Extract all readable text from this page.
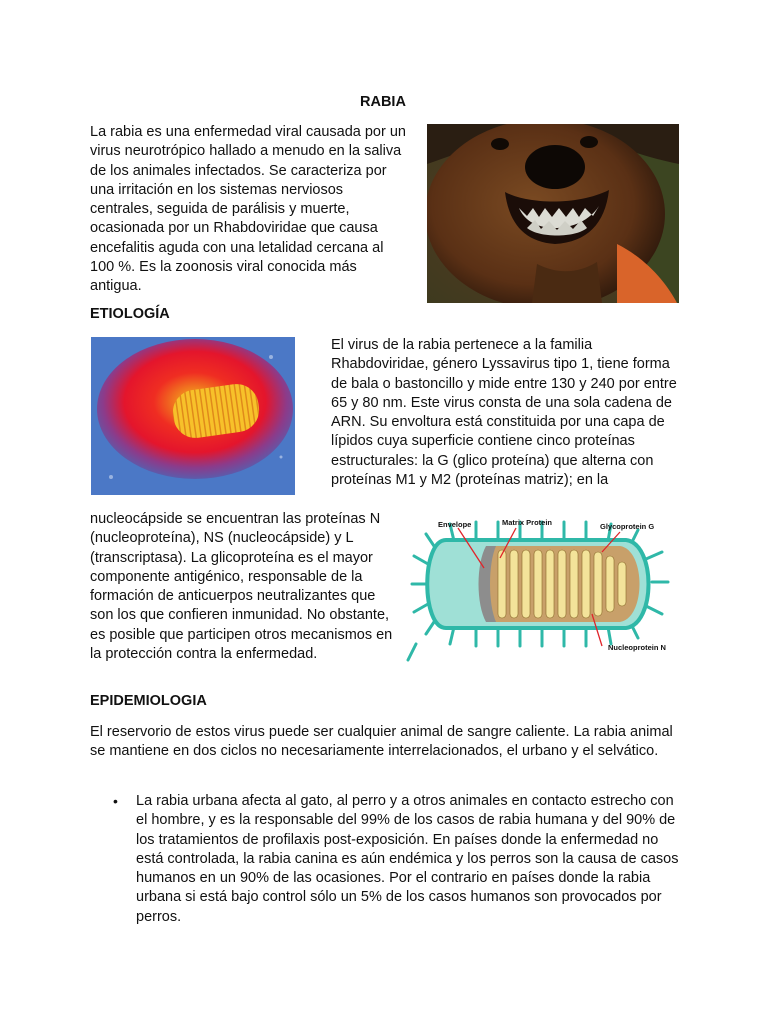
RABIA

La rabia es una enfermedad viral causada por un virus neurotrópico hallado a menudo en la saliva de los animales infectados. Se caracteriza por una irritación en los sistemas nerviosos centrales, seguida de parálisis y muerte, ocasionada por un Rhabdoviridae que causa encefalitis aguda con una letalidad cercana al 100 %. Es la zoonosis viral conocida más antigua.

ETIOLOGÍA

El virus de la rabia pertenece a la familia Rhabdoviridae, género Lyssavirus tipo 1, tiene forma de bala o bastoncillo y mide entre 130 y 240 por entre 65 y 80 nm. Este virus consta de una sola cadena de ARN. Su envoltura está constituida por una capa de lípidos cuya superficie contiene cinco proteínas estructurales: la G (glico proteína) que alterna con proteínas M1 y M2 (proteínas matriz); en la

nucleocápside se encuentran las proteínas N (nucleoproteína), NS (nucleocápside) y L (transcriptasa). La glicoproteína es el mayor componente antigénico, responsable de la formación de anticuerpos neutralizantes que son los que confieren inmunidad. No obstante, es posible que participen otros mecanismos en la protección contra la enfermedad.

Envelope	Matrix Protein	Glycoprotein G
Nucleoprotein N
EPIDEMIOLOGIA

El reservorio de estos virus puede ser cualquier animal de sangre caliente. La rabia animal se mantiene en dos ciclos no necesariamente interrelacionados, el urbano y el selvático.

• La rabia urbana afecta al gato, al perro y a otros animales en contacto estrecho con el hombre, y es la responsable del 99% de los casos de rabia humana y del 90% de los tratamientos de profilaxis post-exposición. En países donde la enfermedad no está controlada, la rabia canina es aún endémica y los perros son la causa de casos humanos en un 90% de las ocasiones. Por el contrario en países donde la rabia urbana si está bajo control sólo un 5% de los casos humanos son provocados por perros.
